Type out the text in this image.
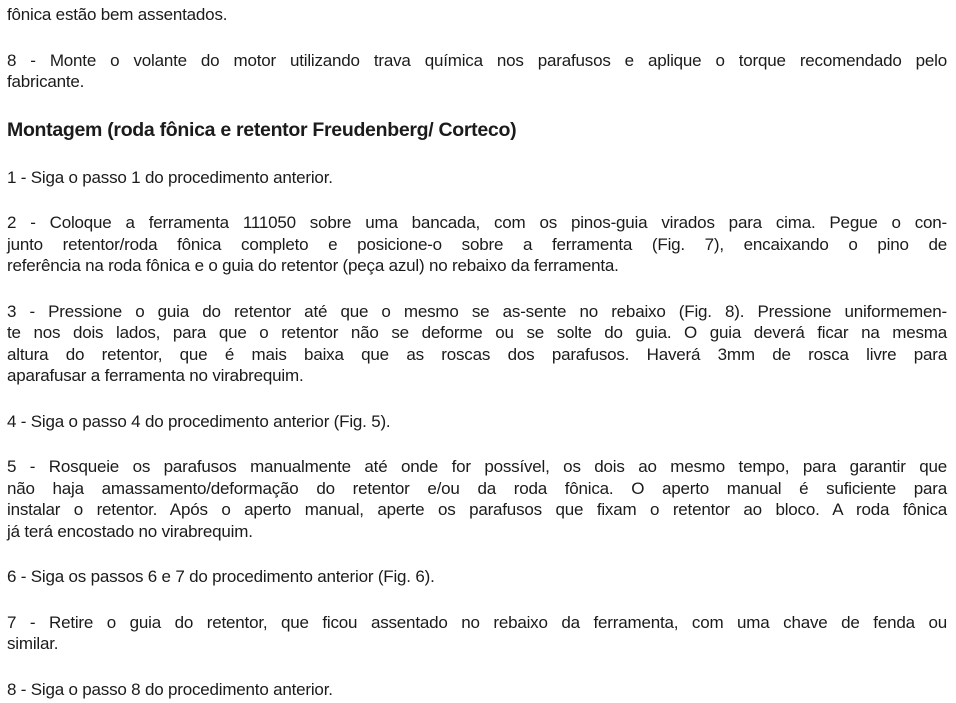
fônica estão bem assentados.

8 - Monte o volante do motor utilizando trava química nos parafusos e aplique o torque recomendado pelo
fabricante.

Montagem (roda fônica e retentor Freudenberg/ Corteco)

1 - Siga o passo 1 do procedimento anterior.

2 - Coloque a ferramenta 111050 sobre uma bancada, com os pinos-guia virados para cima. Pegue o con-
junto retentor/roda fônica completo e posicione-o sobre a ferramenta (Fig. 7), encaixando o pino de
referência na roda fônica e o guia do retentor (peça azul) no rebaixo da ferramenta.

3 - Pressione o guia do retentor até que o mesmo se as-sente no rebaixo (Fig. 8). Pressione uniformemen-
te nos dois lados, para que o retentor não se deforme ou se solte do guia. O guia deverá ficar na mesma
altura do retentor, que é mais baixa que as roscas dos parafusos. Haverá 3mm de rosca livre para
aparafusar a ferramenta no virabrequim.

4 - Siga o passo 4 do procedimento anterior (Fig. 5).

5 - Rosqueie os parafusos manualmente até onde for possível, os dois ao mesmo tempo, para garantir que
não haja amassamento/deformação do retentor e/ou da roda fônica. O aperto manual é suficiente para
instalar o retentor. Após o aperto manual, aperte os parafusos que fixam o retentor ao bloco. A roda fônica
já terá encostado no virabrequim.

6 - Siga os passos 6 e 7 do procedimento anterior (Fig. 6).

7 - Retire o guia do retentor, que ficou assentado no rebaixo da ferramenta, com uma chave de fenda ou
similar.

8 - Siga o passo 8 do procedimento anterior.
